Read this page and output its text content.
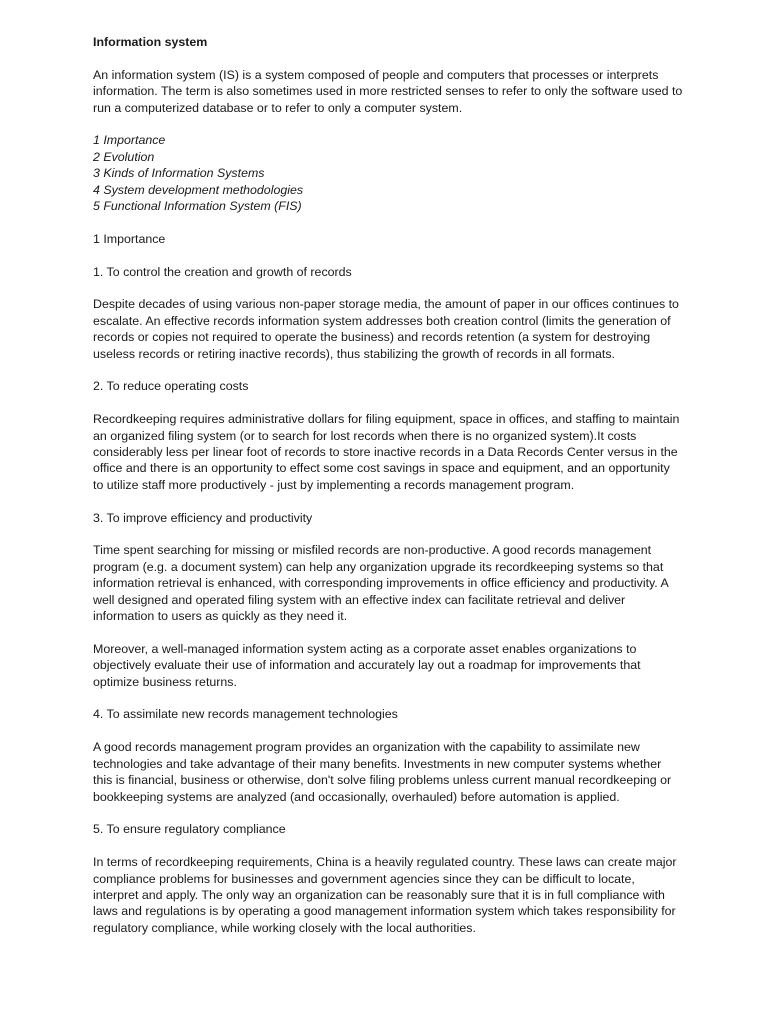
Information system

An information system (IS) is a system composed of people and computers that processes or interprets information. The term is also sometimes used in more restricted senses to refer to only the software used to run a computerized database or to refer to only a computer system.

1 Importance
2 Evolution
3 Kinds of Information Systems
4 System development methodologies
5 Functional Information System (FIS)

1 Importance

1. To control the creation and growth of records

Despite decades of using various non-paper storage media, the amount of paper in our offices continues to escalate. An effective records information system addresses both creation control (limits the generation of records or copies not required to operate the business) and records retention (a system for destroying useless records or retiring inactive records), thus stabilizing the growth of records in all formats.

2. To reduce operating costs

Recordkeeping requires administrative dollars for filing equipment, space in offices, and staffing to maintain an organized filing system (or to search for lost records when there is no organized system).It costs considerably less per linear foot of records to store inactive records in a Data Records Center versus in the office and there is an opportunity to effect some cost savings in space and equipment, and an opportunity to utilize staff more productively - just by implementing a records management program.

3. To improve efficiency and productivity

Time spent searching for missing or misfiled records are non-productive. A good records management program (e.g. a document system) can help any organization upgrade its recordkeeping systems so that information retrieval is enhanced, with corresponding improvements in office efficiency and productivity. A well designed and operated filing system with an effective index can facilitate retrieval and deliver information to users as quickly as they need it.

Moreover, a well-managed information system acting as a corporate asset enables organizations to objectively evaluate their use of information and accurately lay out a roadmap for improvements that optimize business returns.

4. To assimilate new records management technologies

A good records management program provides an organization with the capability to assimilate new technologies and take advantage of their many benefits. Investments in new computer systems whether this is financial, business or otherwise, don't solve filing problems unless current manual recordkeeping or bookkeeping systems are analyzed (and occasionally, overhauled) before automation is applied.

5. To ensure regulatory compliance

In terms of recordkeeping requirements, China is a heavily regulated country. These laws can create major compliance problems for businesses and government agencies since they can be difficult to locate, interpret and apply. The only way an organization can be reasonably sure that it is in full compliance with laws and regulations is by operating a good management information system which takes responsibility for regulatory compliance, while working closely with the local authorities.
